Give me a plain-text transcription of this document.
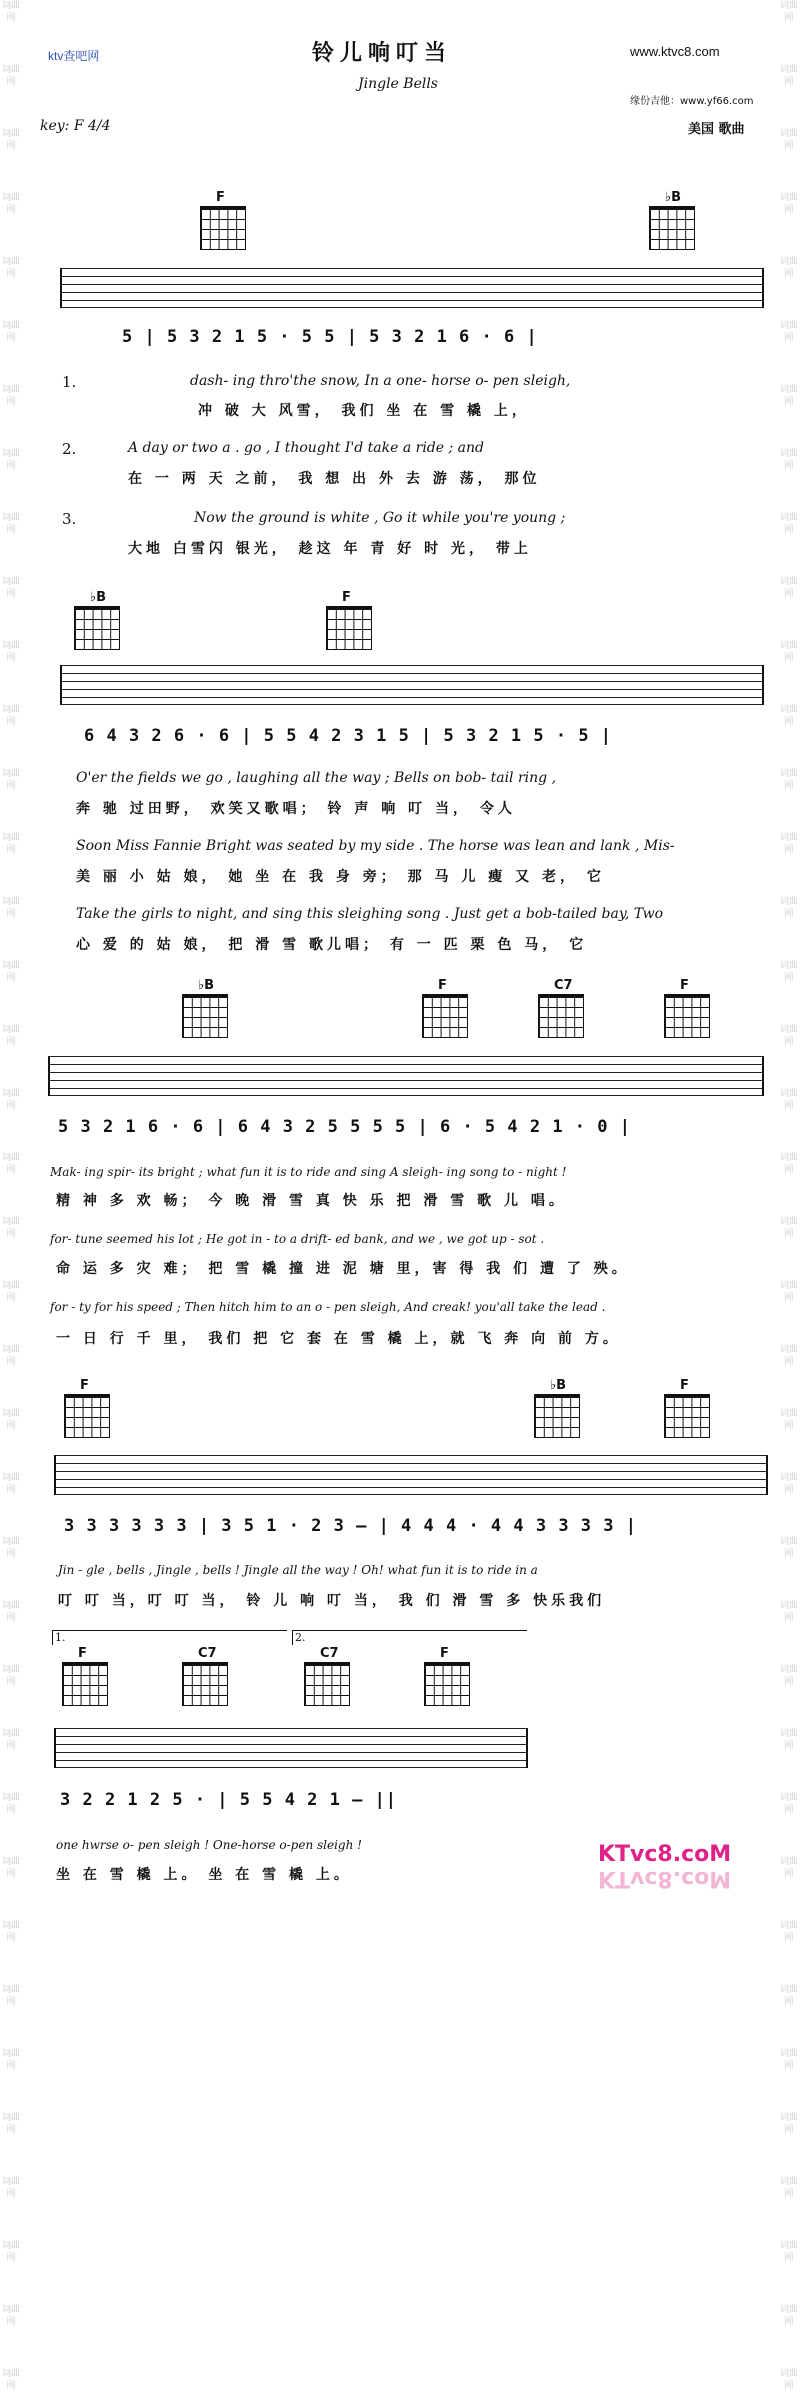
词曲网
词曲网
词曲网
词曲网
词曲网
词曲网
词曲网
词曲网
词曲网
词曲网
词曲网
词曲网
词曲网
词曲网
词曲网
词曲网
词曲网
词曲网
词曲网
词曲网
词曲网
词曲网
词曲网
词曲网
词曲网
词曲网
词曲网
词曲网
词曲网
词曲网
词曲网
词曲网
词曲网
词曲网
词曲网
词曲网
词曲网
词曲网
词曲网
词曲网
词曲网
词曲网
词曲网
词曲网
词曲网
词曲网
词曲网
词曲网
词曲网
词曲网
词曲网
词曲网
词曲网
词曲网
词曲网
词曲网
词曲网
词曲网
词曲网
词曲网
词曲网
词曲网
词曲网
词曲网
词曲网
词曲网
词曲网
词曲网
词曲网
词曲网
词曲网
词曲网
词曲网
词曲网
词曲网
词曲网
ktv查吧网	铃儿响叮当	www.ktvc8.com
Jingle Bells
缘份吉他：www.yf66.com
key: F 4/4	美国 歌曲
F	♭B
5 | 5 3 2 1 5 · 5 5 | 5 3 2 1 6 · 6 |
1.	dash- ing thro'the snow, In a one- horse o- pen sleigh,
冲 破 大 风雪， 我们 坐 在 雪 橇 上，
2.	A day or two a . go , I thought I'd take a ride ; and
在 一 两 天 之前， 我 想 出 外 去 游 荡， 那位
3.	Now the ground is white , Go it while you're young ;
大地 白雪闪 银光， 趁这 年 青 好 时 光， 带上
♭B	F
6 4 3 2 6 · 6 | 5 5 4 2 3 1 5 | 5 3 2 1 5 · 5 |
O'er the fields we go , laughing all the way ; Bells on bob- tail ring ,
奔 驰 过田野， 欢笑又歌唱； 铃 声 响 叮 当， 令人
Soon Miss Fannie Bright was seated by my side . The horse was lean and lank , Mis-
美 丽 小 姑 娘， 她 坐 在 我 身 旁； 那 马 儿 瘦 又 老， 它
Take the girls to night, and sing this sleighing song . Just get a bob-tailed bay, Two
心 爱 的 姑 娘， 把 滑 雪 歌儿唱； 有 一 匹 栗 色 马， 它
♭B	F	C7	F
5 3 2 1 6 · 6 | 6 4 3 2 5 5 5 5 | 6 · 5 4 2 1 · 0 |
Mak- ing spir- its bright ; what fun it is to ride and sing A sleigh- ing song to - night !
精 神 多 欢 畅； 今 晚 滑 雪 真 快 乐 把 滑 雪 歌 儿 唱。
for- tune seemed his lot ; He got in - to a drift- ed bank, and we , we got up - sot .
命 运 多 灾 难； 把 雪 橇 撞 进 泥 塘 里，害 得 我 们 遭 了 殃。
for - ty for his speed ; Then hitch him to an o - pen sleigh, And creak! you'all take the lead .
一 日 行 千 里， 我们 把 它 套 在 雪 橇 上，就 飞 奔 向 前 方。
F	♭B	F
3 3 3 3 3 3 | 3 5 1 · 2 3 — | 4 4 4 · 4 4 3 3 3 3 |
Jin - gle , bells , Jingle , bells ! Jingle all the way ! Oh! what fun it is to ride in a
叮 叮 当，叮 叮 当， 铃 儿 响 叮 当， 我 们 滑 雪 多 快乐我们
1.	2.
F	C7	C7	F
3 2 2 1 2 5 · | 5 5 4 2 1 — ||
one hwrse o- pen sleigh ! One-horse o-pen sleigh !
坐 在 雪 橇 上。 坐 在 雪 橇 上。
KTvc8.coM
KTvc8.coM
